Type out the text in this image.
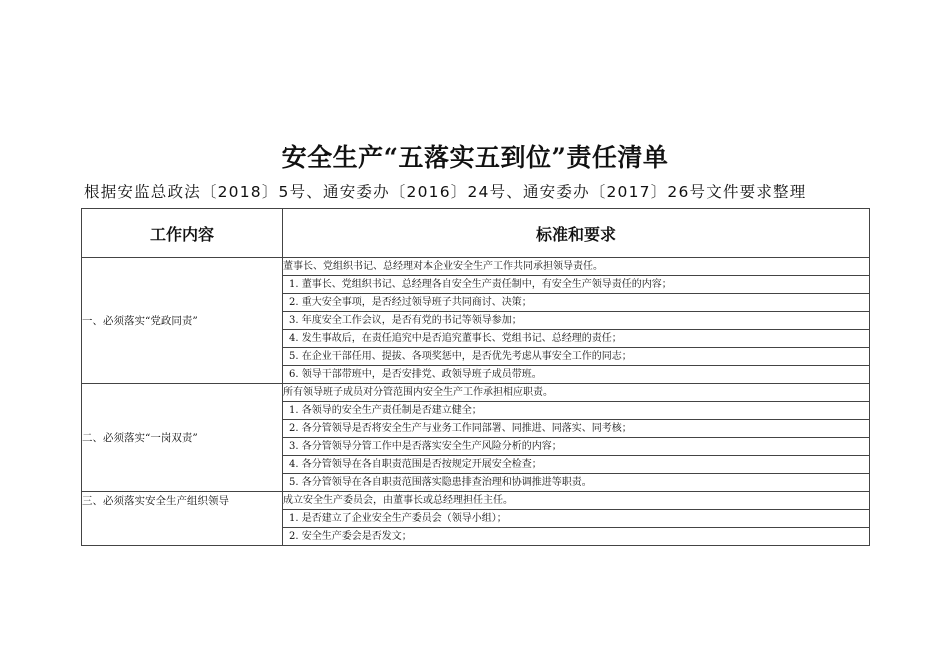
安全生产“五落实五到位”责任清单
根据安监总政法〔2018〕5号、通安委办〔2016〕24号、通安委办〔2017〕26号文件要求整理
工作内容	标准和要求
一、必须落实“党政同责”	董事长、党组织书记、总经理对本企业安全生产工作共同承担领导责任。
	1. 董事长、党组织书记、总经理各自安全生产责任制中，有安全生产领导责任的内容；
	2. 重大安全事项，是否经过领导班子共同商讨、决策；
	3. 年度安全工作会议，是否有党的书记等领导参加；
	4. 发生事故后，在责任追究中是否追究董事长、党组书记、总经理的责任；
	5. 在企业干部任用、提拔、各项奖惩中，是否优先考虑从事安全工作的同志；
	6. 领导干部带班中，是否安排党、政领导班子成员带班。
二、必须落实“一岗双责”	所有领导班子成员对分管范围内安全生产工作承担相应职责。
	1. 各领导的安全生产责任制是否建立健全；
	2. 各分管领导是否将安全生产与业务工作同部署、同推进、同落实、同考核；
	3. 各分管领导分管工作中是否落实安全生产风险分析的内容；
	4. 各分管领导在各自职责范围是否按规定开展安全检查；
	5. 各分管领导在各自职责范围落实隐患排查治理和协调推进等职责。
三、必须落实安全生产组织领导	成立安全生产委员会，由董事长或总经理担任主任。
	1. 是否建立了企业安全生产委员会（领导小组）；
	2. 安全生产委会是否发文；
